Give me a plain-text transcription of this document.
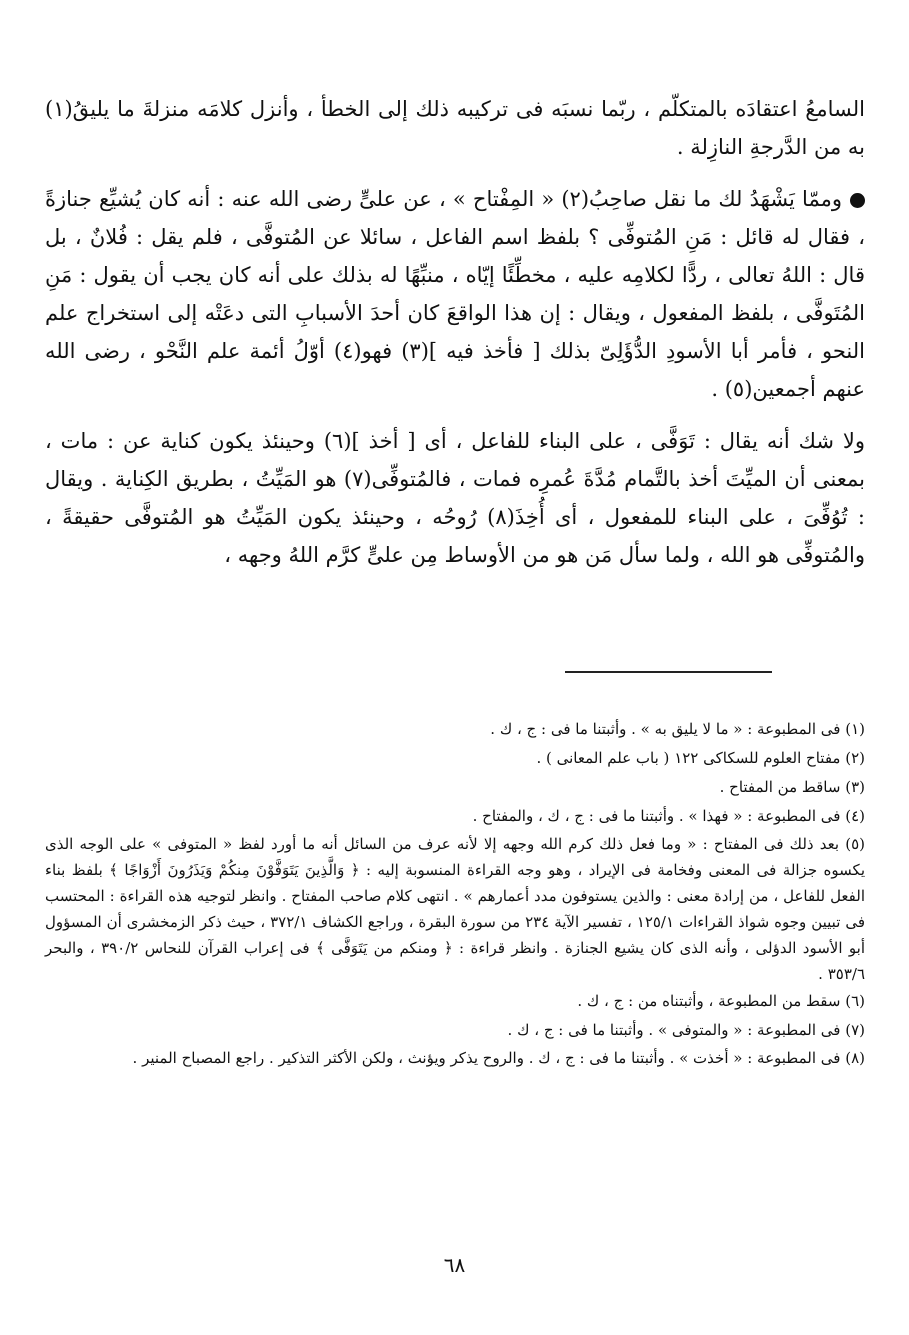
السامعُ اعتقادَه بالمتكلّم ، ربّما نسبَه فى تركيبه ذلك إلى الخطأ ، وأنزل كلامَه منزلةَ ما يليقُ(١) به من الدَّرجةِ النازِلة .

وممّا يَشْهَدُ لك ما نقل صاحِبُ(٢) « المِفْتاح » ، عن علىٍّ رضى الله عنه : أنه كان يُشيِّع جنازةً ، فقال له قائل : مَنِ المُتوفِّى ؟ بلفظ اسم الفاعل ، سائلا عن المُتوفَّى ، فلم يقل : فُلانٌ ، بل قال : اللهُ تعالى ، ردًّا لكلامِه عليه ، مخطِّئًا إيّاه ، منبِّهًا له بذلك على أنه كان يجب أن يقول : مَنِ المُتَوفَّى ، بلفظ المفعول ، ويقال : إن هذا الواقعَ كان أحدَ الأسبابِ التى دعَتْه إلى استخراج علم النحو ، فأمر أبا الأسودِ الدُّؤَلِىّ بذلك [ فأخذ فيه ](٣) فهو(٤) أوّلُ أئمة علم النَّحْو ، رضى الله عنهم أجمعين(٥) .

ولا شك أنه يقال : تَوَفَّى ، على البناء للفاعل ، أى [ أخذ ](٦) وحينئذ يكون كناية عن : مات ، بمعنى أن الميِّتَ أخذ بالتَّمام مُدَّةَ عُمرِه فمات ، فالمُتوفِّى(٧) هو المَيِّتُ ، بطريق الكِناية . ويقال : تُوُفِّىَ ، على البناء للمفعول ، أى أُخِذَ(٨) رُوحُه ، وحينئذ يكون المَيِّتُ هو المُتوفَّى حقيقةً ، والمُتوفِّى هو الله ، ولما سأل مَن هو من الأوساط مِن علىٍّ كرَّم اللهُ وجهه ،

(١) فى المطبوعة : « ما لا يليق به » . وأثبتنا ما فى : ج ، ك .

(٢) مفتاح العلوم للسكاكى ١٢٢ ( باب علم المعانى ) .

(٣) ساقط من المفتاح .

(٤) فى المطبوعة : « فهذا » . وأثبتنا ما فى : ج ، ك ، والمفتاح .

(٥) بعد ذلك فى المفتاح : « وما فعل ذلك كرم الله وجهه إلا لأنه عرف من السائل أنه ما أورد لفظ « المتوفى » على الوجه الذى يكسوه جزالة فى المعنى وفخامة فى الإيراد ، وهو وجه القراءة المنسوبة إليه : ﴿ وَالَّذِينَ يَتَوَفَّوْنَ مِنكُمْ وَيَذَرُونَ أَزْوَاجًا ﴾ بلفظ بناء الفعل للفاعل ، من إرادة معنى : والذين يستوفون مدد أعمارهم » . انتهى كلام صاحب المفتاح . وانظر لتوجيه هذه القراءة : المحتسب فى تبيين وجوه شواذ القراءات ١٢٥/١ ، تفسير الآية ٢٣٤ من سورة البقرة ، وراجع الكشاف ٣٧٢/١ ، حيث ذكر الزمخشرى أن المسؤول أبو الأسود الدؤلى ، وأنه الذى كان يشيع الجنازة . وانظر قراءة : ﴿ ومنكم من يَتَوَفَّى ﴾ فى إعراب القرآن للنحاس ٣٩٠/٢ ، والبحر ٣٥٣/٦ .

(٦) سقط من المطبوعة ، وأثبتناه من : ج ، ك .

(٧) فى المطبوعة : « والمتوفى » . وأثبتنا ما فى : ج ، ك .

(٨) فى المطبوعة : « أخذت » . وأثبتنا ما فى : ج ، ك . والروح يذكر ويؤنث ، ولكن الأكثر التذكير . راجع المصباح المنير .

٦٨
